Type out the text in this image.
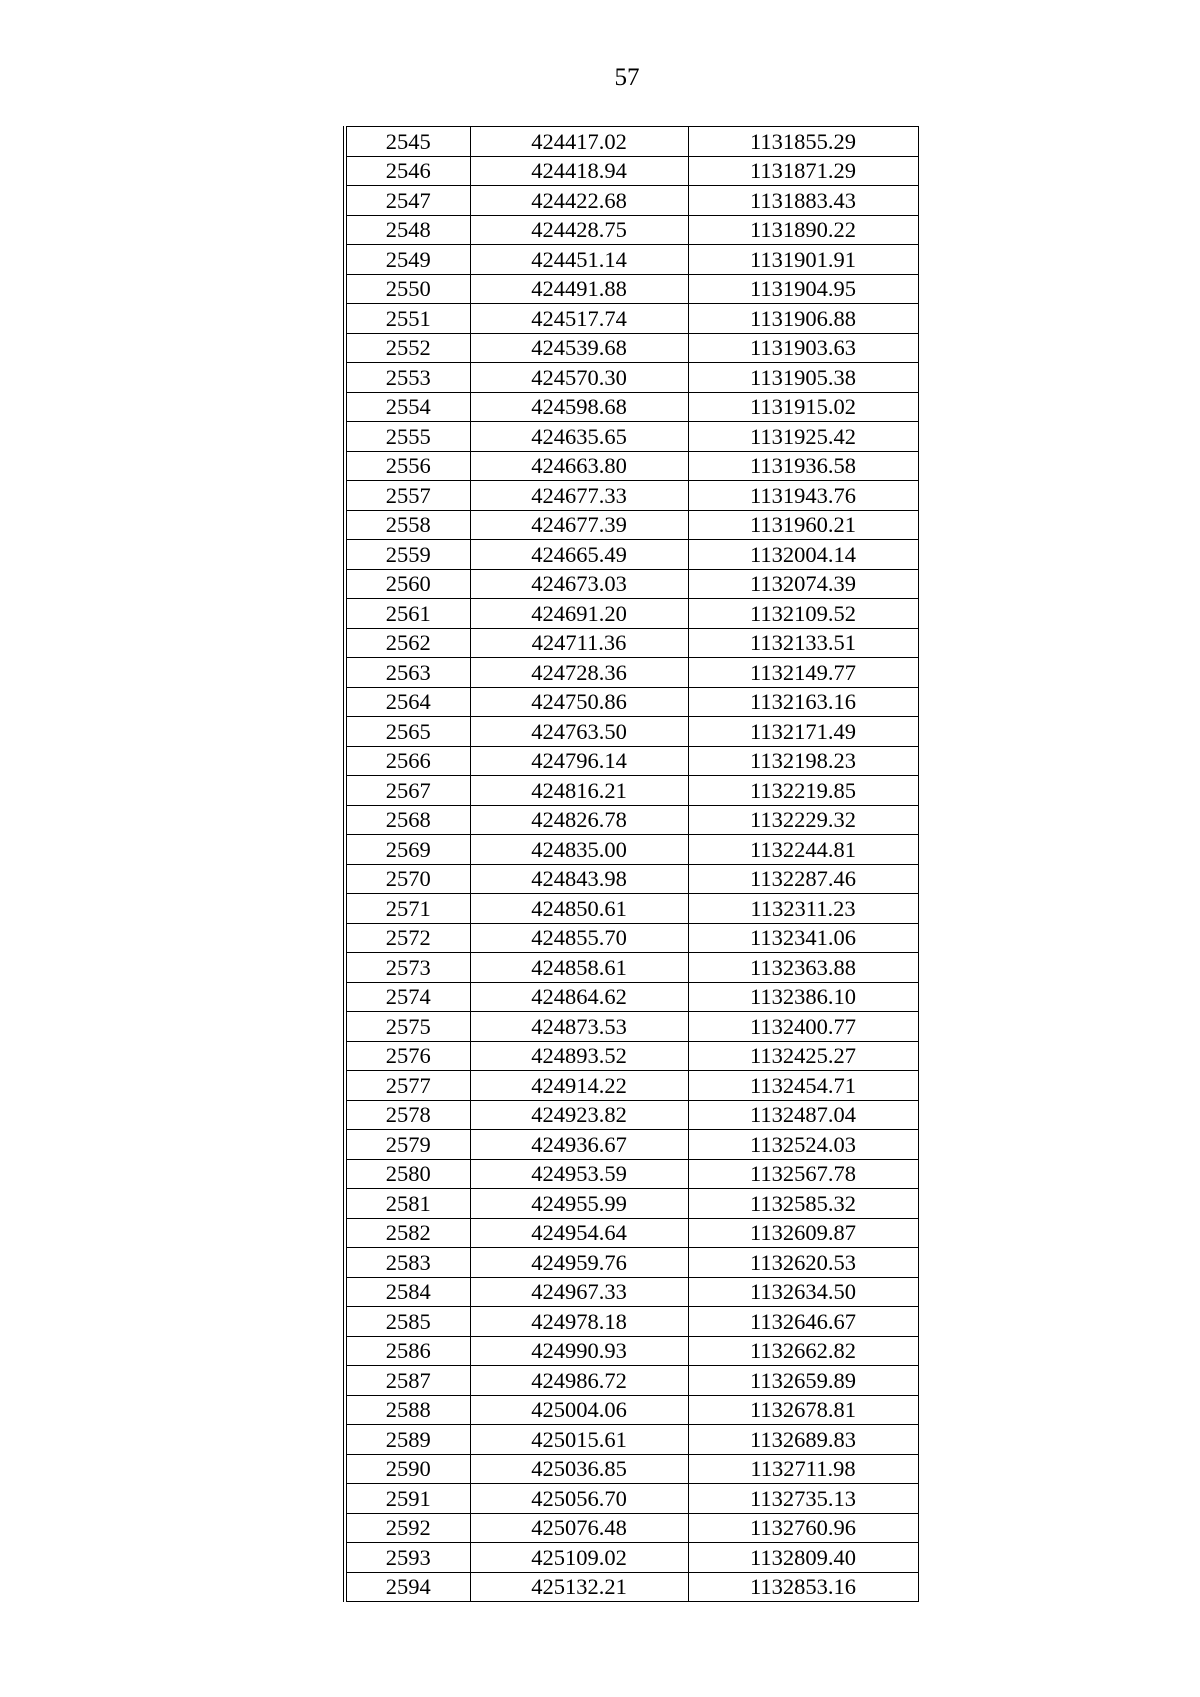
57
2545	424417.02	1131855.29
2546	424418.94	1131871.29
2547	424422.68	1131883.43
2548	424428.75	1131890.22
2549	424451.14	1131901.91
2550	424491.88	1131904.95
2551	424517.74	1131906.88
2552	424539.68	1131903.63
2553	424570.30	1131905.38
2554	424598.68	1131915.02
2555	424635.65	1131925.42
2556	424663.80	1131936.58
2557	424677.33	1131943.76
2558	424677.39	1131960.21
2559	424665.49	1132004.14
2560	424673.03	1132074.39
2561	424691.20	1132109.52
2562	424711.36	1132133.51
2563	424728.36	1132149.77
2564	424750.86	1132163.16
2565	424763.50	1132171.49
2566	424796.14	1132198.23
2567	424816.21	1132219.85
2568	424826.78	1132229.32
2569	424835.00	1132244.81
2570	424843.98	1132287.46
2571	424850.61	1132311.23
2572	424855.70	1132341.06
2573	424858.61	1132363.88
2574	424864.62	1132386.10
2575	424873.53	1132400.77
2576	424893.52	1132425.27
2577	424914.22	1132454.71
2578	424923.82	1132487.04
2579	424936.67	1132524.03
2580	424953.59	1132567.78
2581	424955.99	1132585.32
2582	424954.64	1132609.87
2583	424959.76	1132620.53
2584	424967.33	1132634.50
2585	424978.18	1132646.67
2586	424990.93	1132662.82
2587	424986.72	1132659.89
2588	425004.06	1132678.81
2589	425015.61	1132689.83
2590	425036.85	1132711.98
2591	425056.70	1132735.13
2592	425076.48	1132760.96
2593	425109.02	1132809.40
2594	425132.21	1132853.16
